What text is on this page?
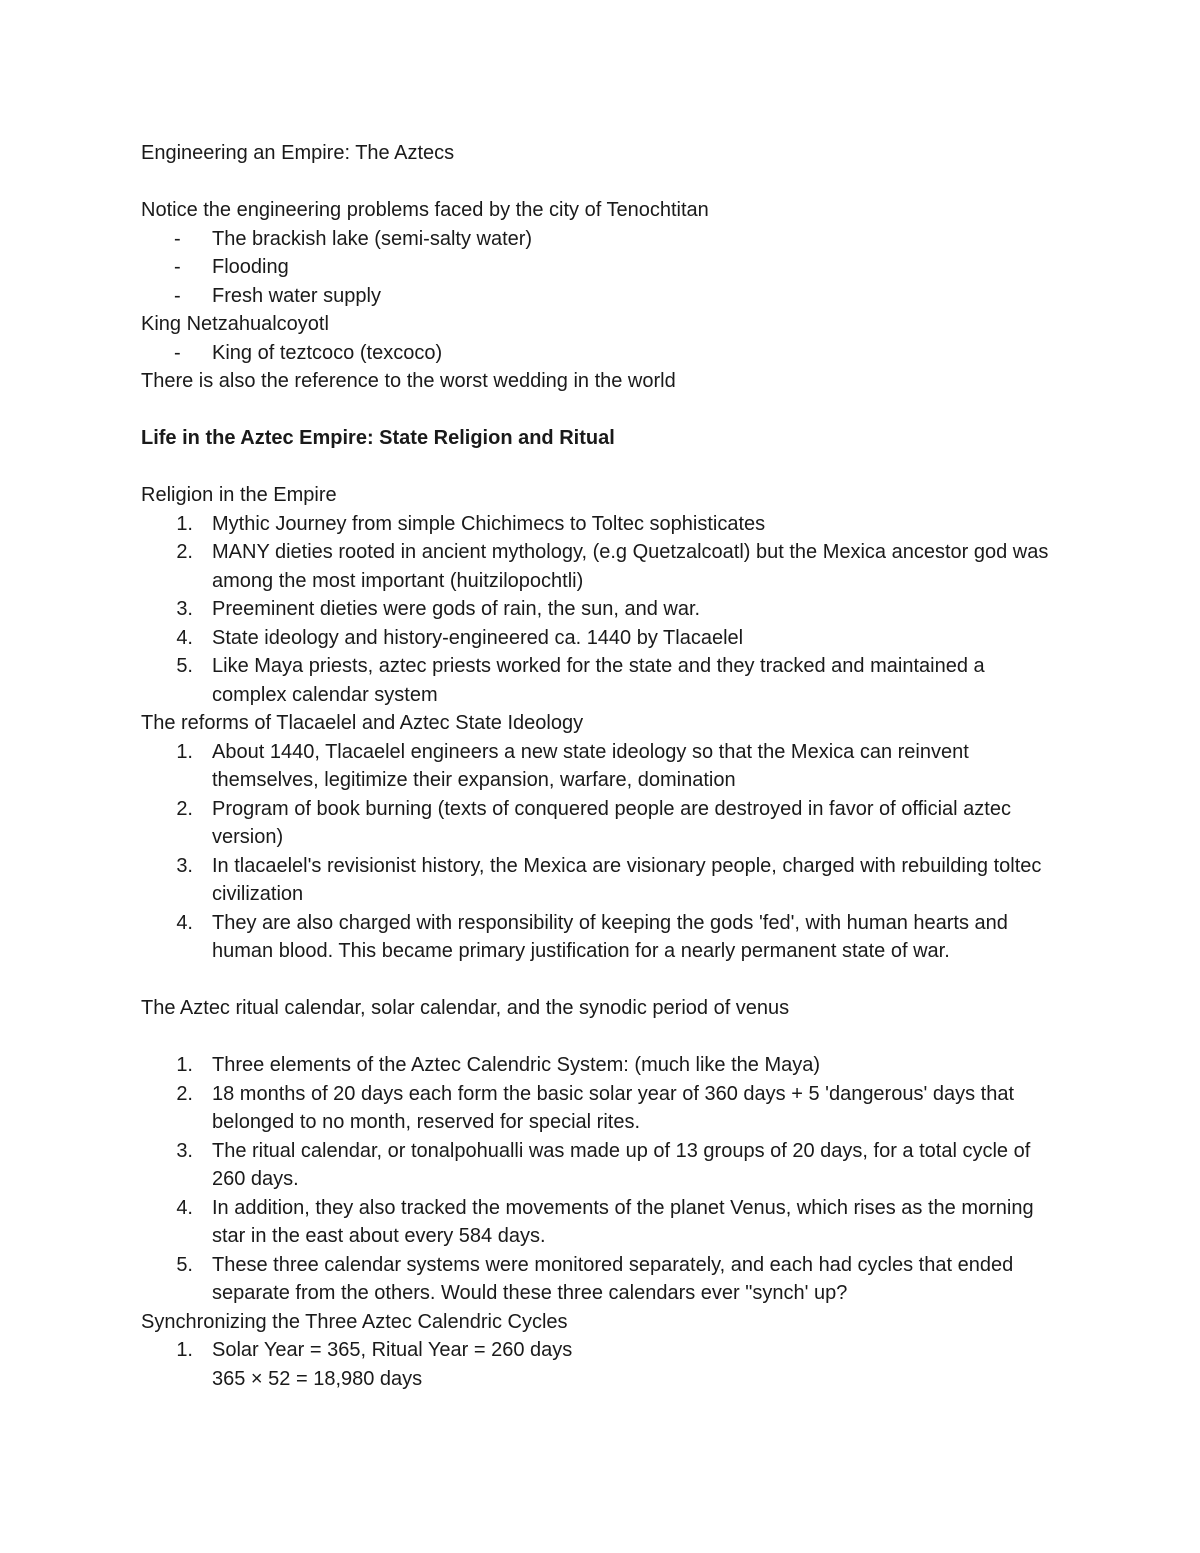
Engineering an Empire: The Aztecs

Notice the engineering problems faced by the city of Tenochtitan

- The brackish lake (semi-salty water)
- Flooding
- Fresh water supply

King Netzahualcoyotl

- King of teztcoco (texcoco)

There is also the reference to the worst wedding in the world

Life in the Aztec Empire: State Religion and Ritual

Religion in the Empire

1. Mythic Journey from simple Chichimecs to Toltec sophisticates
2. MANY dieties rooted in ancient mythology, (e.g Quetzalcoatl) but the Mexica ancestor god was among the most important (huitzilopochtli)
3. Preeminent dieties were gods of rain, the sun, and war.
4. State ideology and history-engineered ca. 1440 by Tlacaelel
5. Like Maya priests, aztec priests worked for the state and they tracked and maintained a complex calendar system

The reforms of Tlacaelel and Aztec State Ideology

1. About 1440, Tlacaelel engineers a new state ideology so that the Mexica can reinvent themselves, legitimize their expansion, warfare, domination
2. Program of book burning (texts of conquered people are destroyed in favor of official aztec version)
3. In tlacaelel's revisionist history, the Mexica are visionary people, charged with rebuilding toltec civilization
4. They are also charged with responsibility of keeping the gods 'fed', with human hearts and human blood. This became primary justification for a nearly permanent state of war.

The Aztec ritual calendar, solar calendar, and the synodic period of venus

1. Three elements of the Aztec Calendric System: (much like the Maya)
2. 18 months of 20 days each form the basic solar year of 360 days + 5 'dangerous' days that belonged to no month, reserved for special rites.
3. The ritual calendar, or tonalpohualli was made up of 13 groups of 20 days, for a total cycle of 260 days.
4. In addition, they also tracked the movements of the planet Venus, which rises as the morning star in the east about every 584 days.
5. These three calendar systems were monitored separately, and each had cycles that ended separate from the others. Would these three calendars ever "synch' up?

Synchronizing the Three Aztec Calendric Cycles

1. Solar Year = 365, Ritual Year = 260 days
365 × 52 = 18,980 days
